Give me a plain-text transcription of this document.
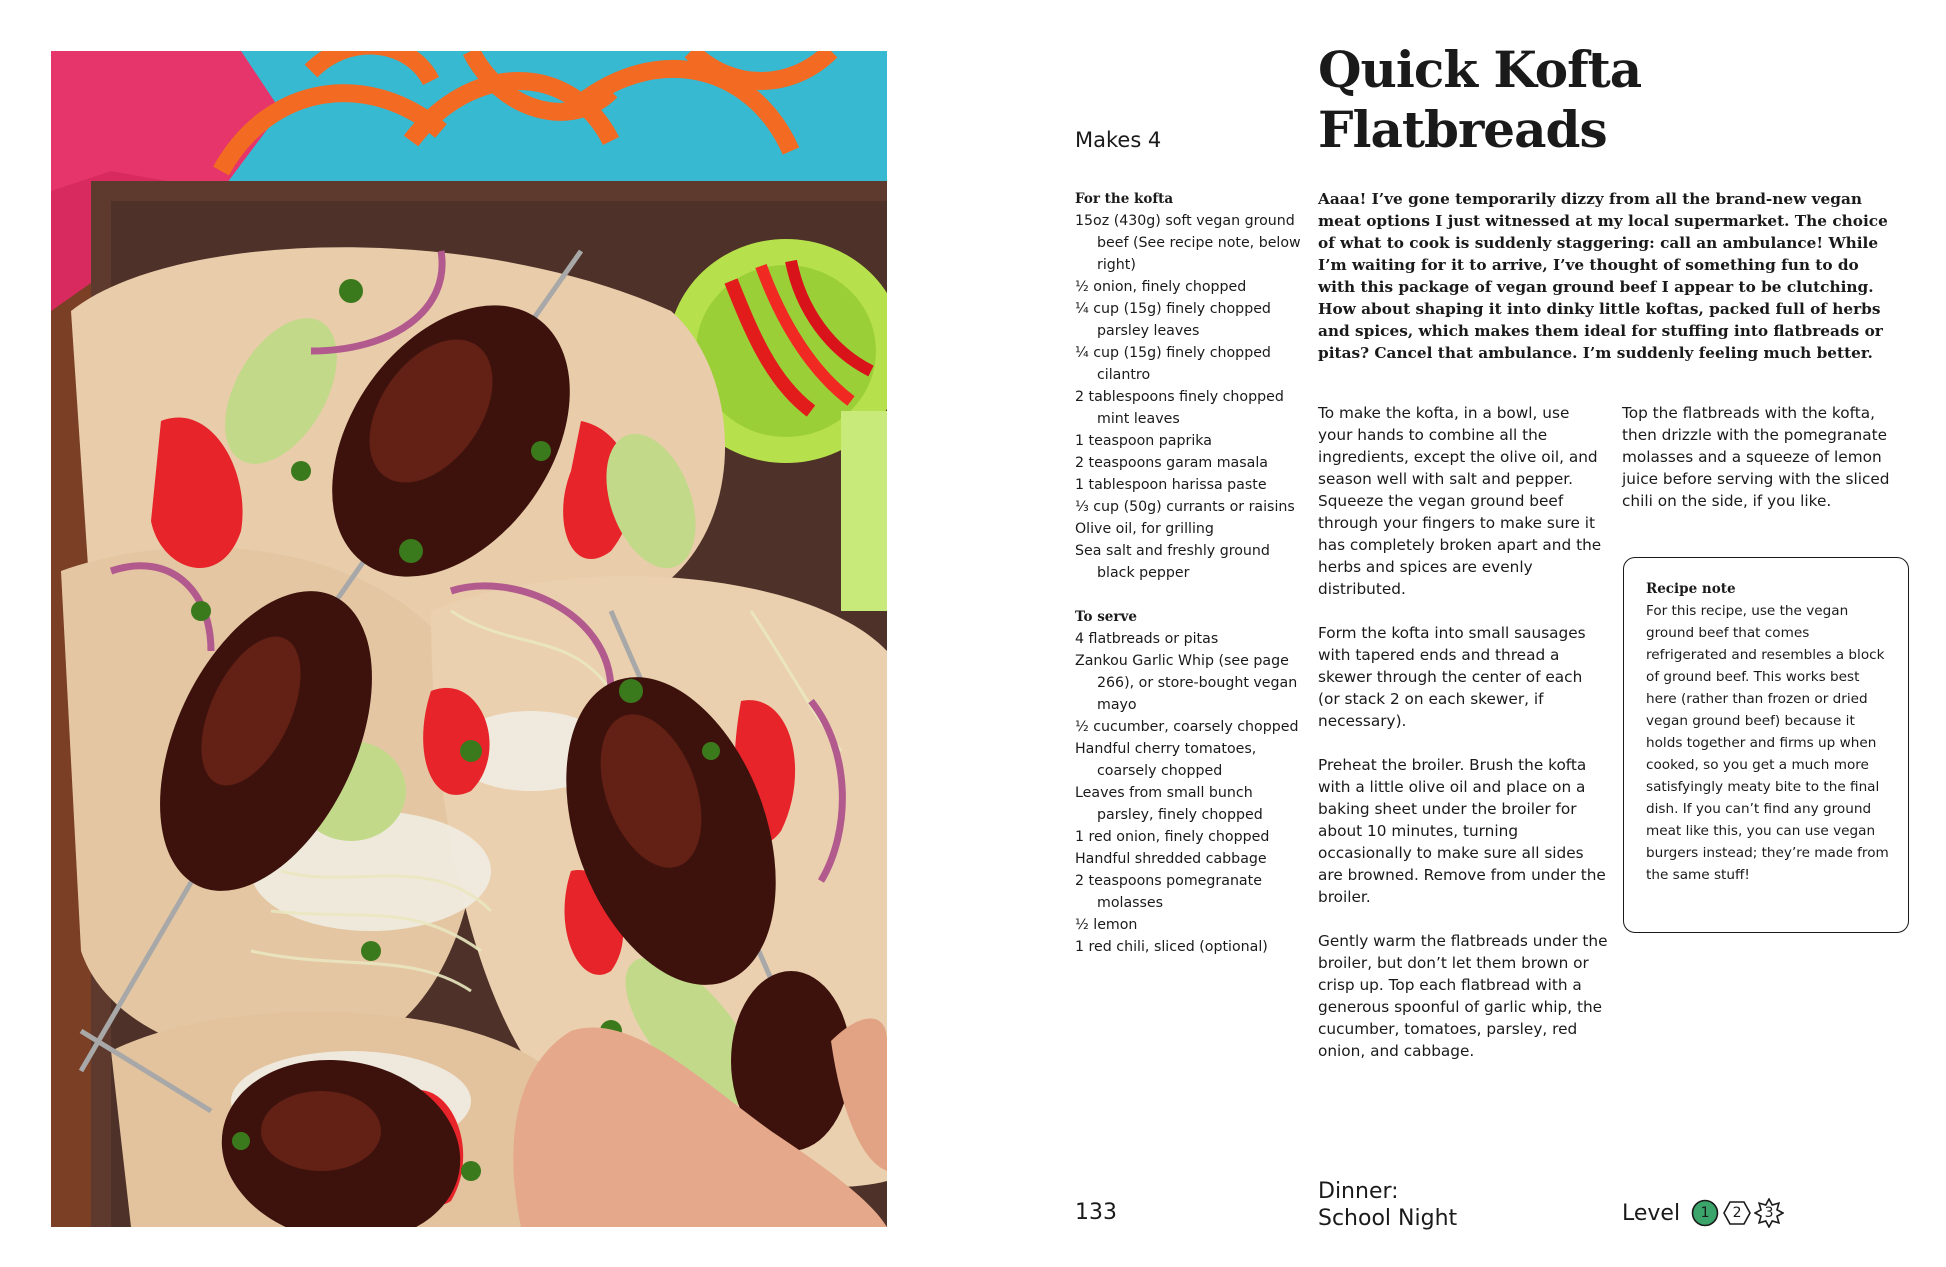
Makes 4
Quick Kofta
Flatbreads
For the kofta
15oz (430g) soft vegan ground beef (See recipe note, below right)
½ onion, finely chopped
¼ cup (15g) finely chopped parsley leaves
¼ cup (15g) finely chopped cilantro
2 tablespoons finely chopped mint leaves
1 teaspoon paprika
2 teaspoons garam masala
1 tablespoon harissa paste
⅓ cup (50g) currants or raisins
Olive oil, for grilling
Sea salt and freshly ground black pepper
To serve
4 flatbreads or pitas
Zankou Garlic Whip (see page 266), or store-bought vegan mayo
½ cucumber, coarsely chopped
Handful cherry tomatoes, coarsely chopped
Leaves from small bunch parsley, finely chopped
1 red onion, finely chopped
Handful shredded cabbage
2 teaspoons pomegranate molasses
½ lemon
1 red chili, sliced (optional)
Aaaa! I’ve gone temporarily dizzy from all the brand-new vegan meat options I just witnessed at my local supermarket. The choice of what to cook is suddenly staggering: call an ambulance! While I’m waiting for it to arrive, I’ve thought of something fun to do with this package of vegan ground beef I appear to be clutching. How about shaping it into dinky little koftas, packed full of herbs and spices, which makes them ideal for stuffing into flatbreads or pitas? Cancel that ambulance. I’m suddenly feeling much better.

To make the kofta, in a bowl, use your hands to combine all the ingredients, except the olive oil, and season well with salt and pepper. Squeeze the vegan ground beef through your fingers to make sure it has completely broken apart and the herbs and spices are evenly distributed.

Form the kofta into small sausages with tapered ends and thread a skewer through the center of each (or stack 2 on each skewer, if necessary).

Preheat the broiler. Brush the kofta with a little olive oil and place on a baking sheet under the broiler for about 10 minutes, turning occasionally to make sure all sides are browned. Remove from under the broiler.

Gently warm the flatbreads under the broiler, but don’t let them brown or crisp up. Top each flatbread with a generous spoonful of garlic whip, the cucumber, tomatoes, parsley, red onion, and cabbage.

Top the flatbreads with the kofta, then drizzle with the pomegranate molasses and a squeeze of lemon juice before serving with the sliced chili on the side, if you like.

Recipe note
For this recipe, use the vegan ground beef that comes refrigerated and resembles a block of ground beef. This works best here (rather than frozen or dried vegan ground beef) because it holds together and firms up when cooked, so you get a much more satisfyingly meaty bite to the final dish. If you can’t find any ground meat like this, you can use vegan burgers instead; they’re made from the same stuff!
133
Dinner:
School Night	Level	1	2	3
